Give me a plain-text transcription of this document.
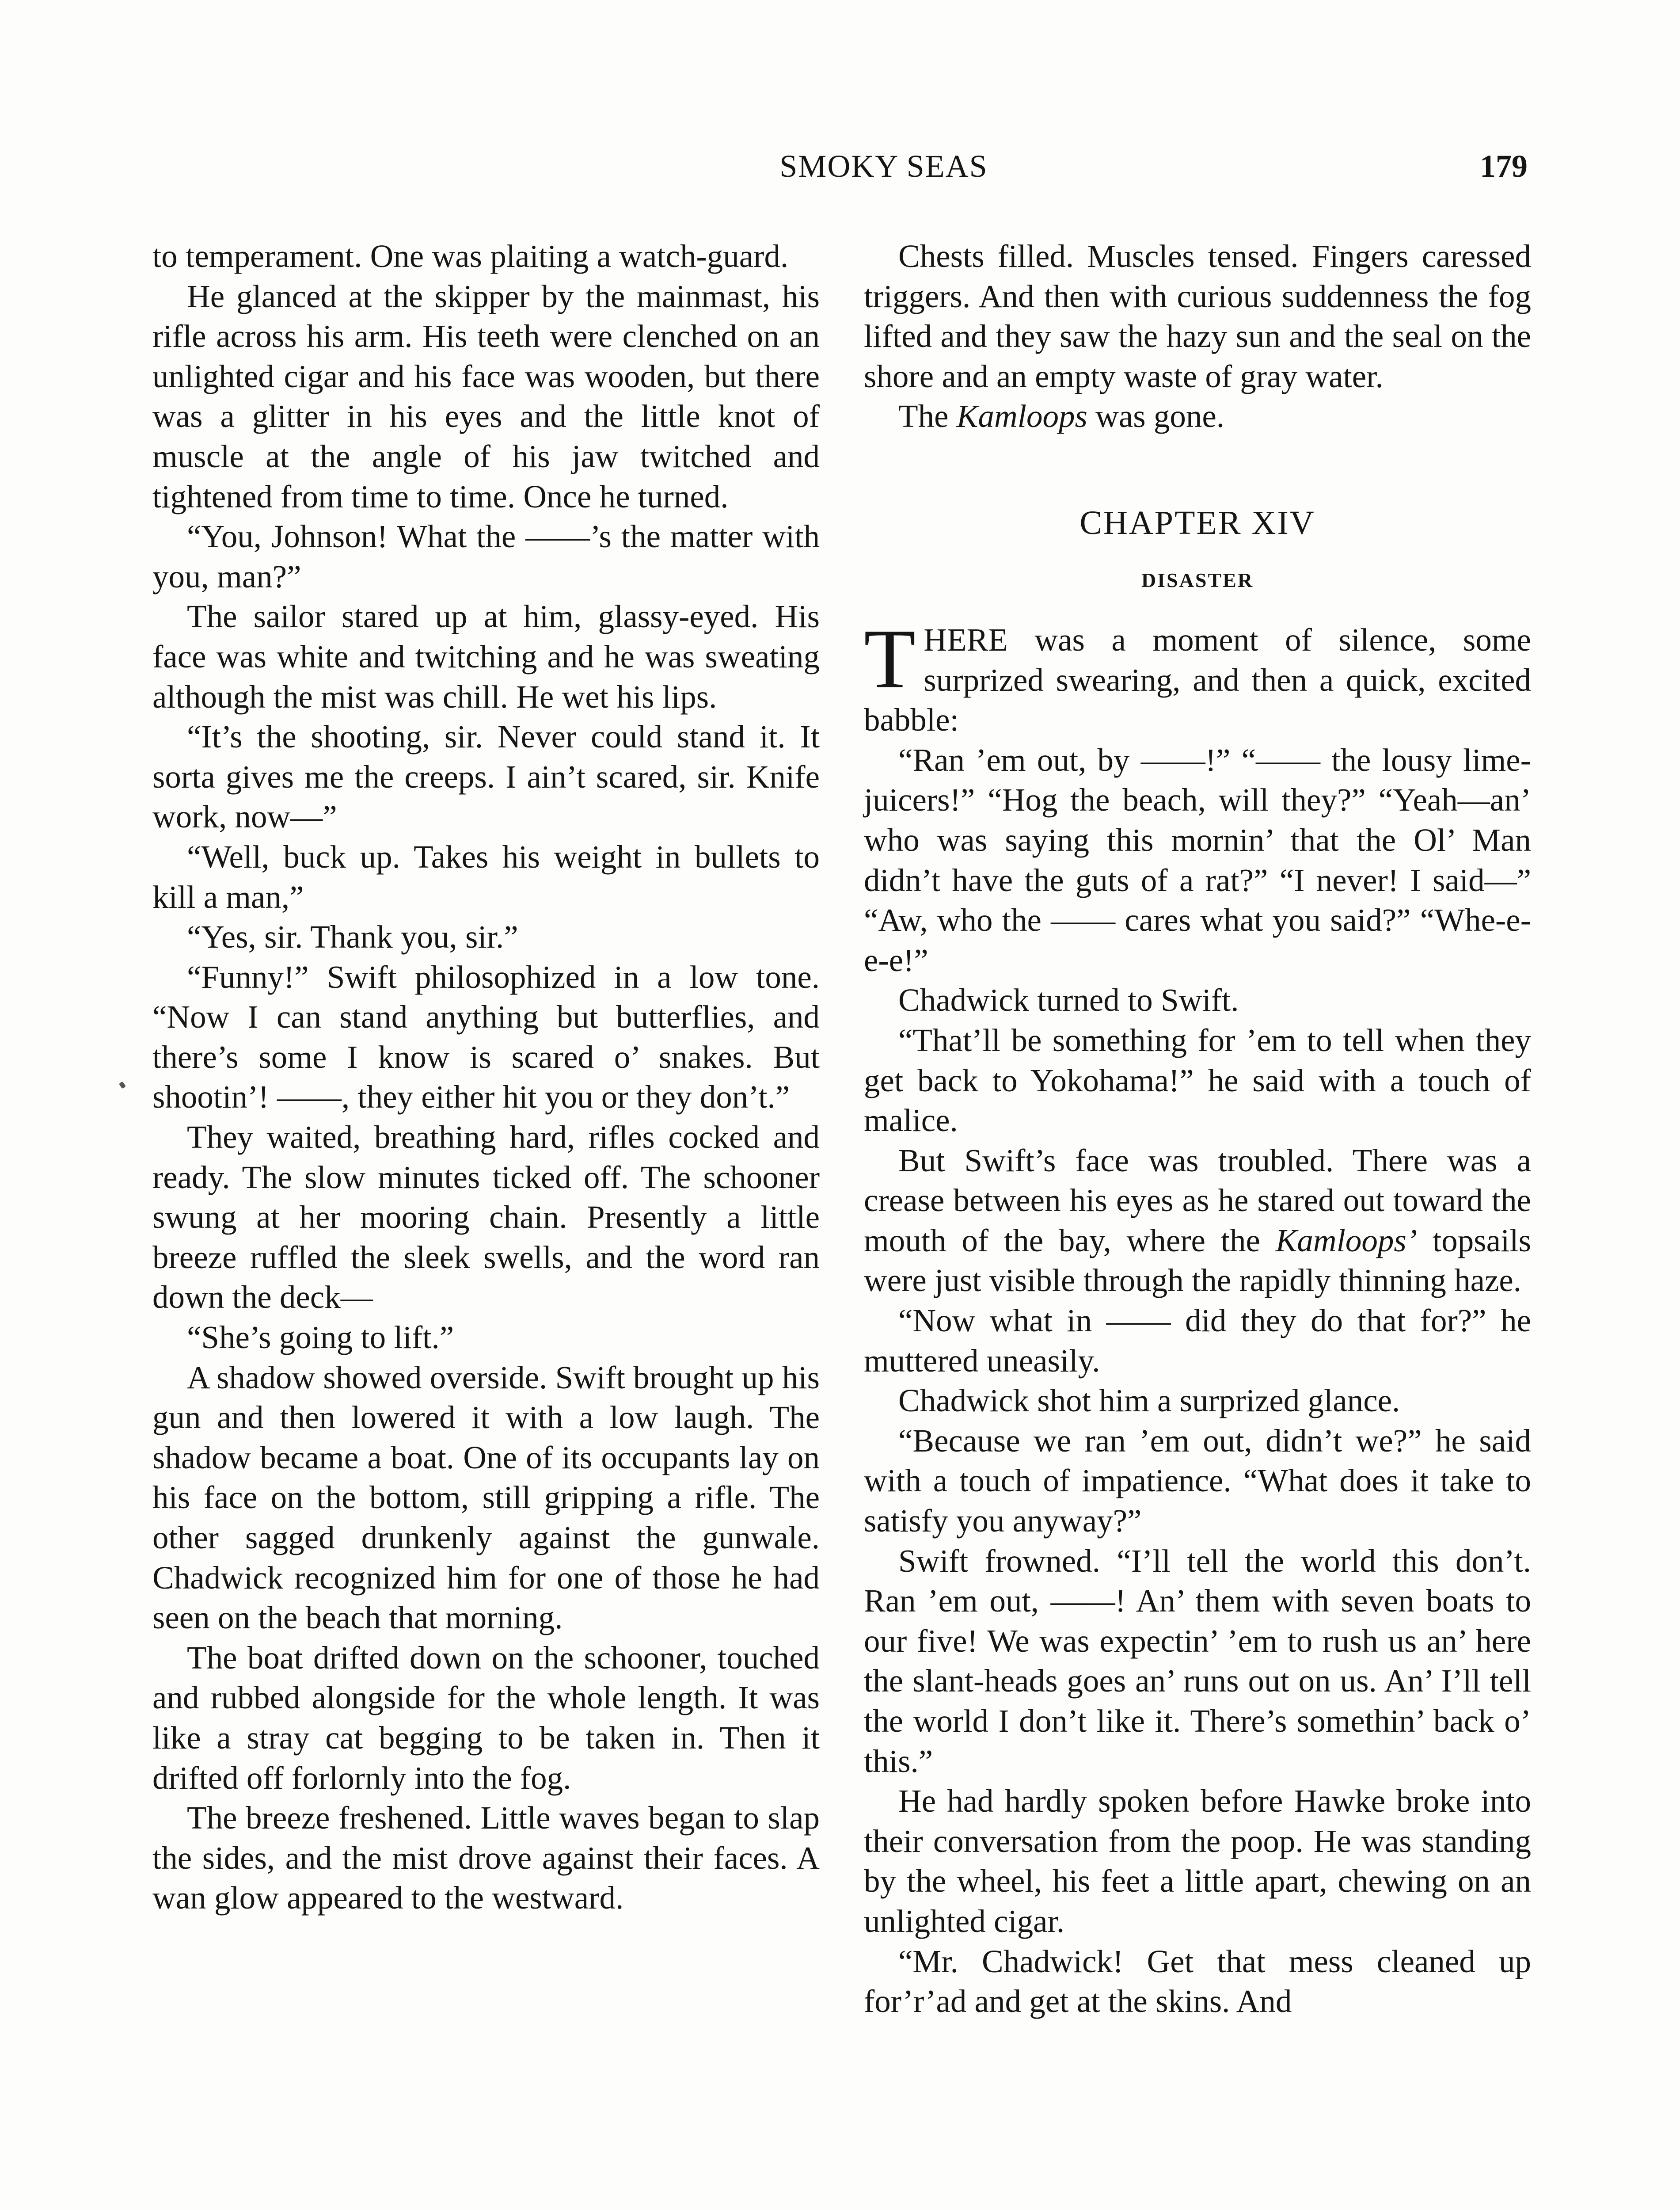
SMOKY SEAS	179

to temperament. One was plaiting a watch-guard.

He glanced at the skipper by the mainmast, his rifle across his arm. His teeth were clenched on an unlighted cigar and his face was wooden, but there was a glitter in his eyes and the little knot of muscle at the angle of his jaw twitched and tightened from time to time. Once he turned.

“You, Johnson! What the ——’s the matter with you, man?”

The sailor stared up at him, glassy-eyed. His face was white and twitching and he was sweating although the mist was chill. He wet his lips.

“It’s the shooting, sir. Never could stand it. It sorta gives me the creeps. I ain’t scared, sir. Knife work, now—”

“Well, buck up. Takes his weight in bullets to kill a man,”

“Yes, sir. Thank you, sir.”

“Funny!” Swift philosophized in a low tone. “Now I can stand anything but butterflies, and there’s some I know is scared o’ snakes. But shootin’! ——, they either hit you or they don’t.”

They waited, breathing hard, rifles cocked and ready. The slow minutes ticked off. The schooner swung at her mooring chain. Presently a little breeze ruffled the sleek swells, and the word ran down the deck—

“She’s going to lift.”

A shadow showed overside. Swift brought up his gun and then lowered it with a low laugh. The shadow became a boat. One of its occupants lay on his face on the bottom, still gripping a rifle. The other sagged drunkenly against the gunwale. Chadwick recognized him for one of those he had seen on the beach that morning.

The boat drifted down on the schooner, touched and rubbed alongside for the whole length. It was like a stray cat begging to be taken in. Then it drifted off forlornly into the fog.

The breeze freshened. Little waves began to slap the sides, and the mist drove against their faces. A wan glow appeared to the westward.

Chests filled. Muscles tensed. Fingers caressed triggers. And then with curious suddenness the fog lifted and they saw the hazy sun and the seal on the shore and an empty waste of gray water.

The Kamloops was gone.

CHAPTER XIV
DISASTER

THERE was a moment of silence, some surprized swearing, and then a quick, excited babble:

“Ran ’em out, by ——!” “—— the lousy lime-juicers!” “Hog the beach, will they?” “Yeah—an’ who was saying this mornin’ that the Ol’ Man didn’t have the guts of a rat?” “I never! I said—” “Aw, who the —— cares what you said?” “Whe-e-e-e!”

Chadwick turned to Swift.

“That’ll be something for ’em to tell when they get back to Yokohama!” he said with a touch of malice.

But Swift’s face was troubled. There was a crease between his eyes as he stared out toward the mouth of the bay, where the Kamloops’ topsails were just visible through the rapidly thinning haze.

“Now what in —— did they do that for?” he muttered uneasily.

Chadwick shot him a surprized glance.

“Because we ran ’em out, didn’t we?” he said with a touch of impatience. “What does it take to satisfy you anyway?”

Swift frowned. “I’ll tell the world this don’t. Ran ’em out, ——! An’ them with seven boats to our five! We was expectin’ ’em to rush us an’ here the slant-heads goes an’ runs out on us. An’ I’ll tell the world I don’t like it. There’s somethin’ back o’ this.”

He had hardly spoken before Hawke broke into their conversation from the poop. He was standing by the wheel, his feet a little apart, chewing on an unlighted cigar.

“Mr. Chadwick! Get that mess cleaned up for’r’ad and get at the skins. And
